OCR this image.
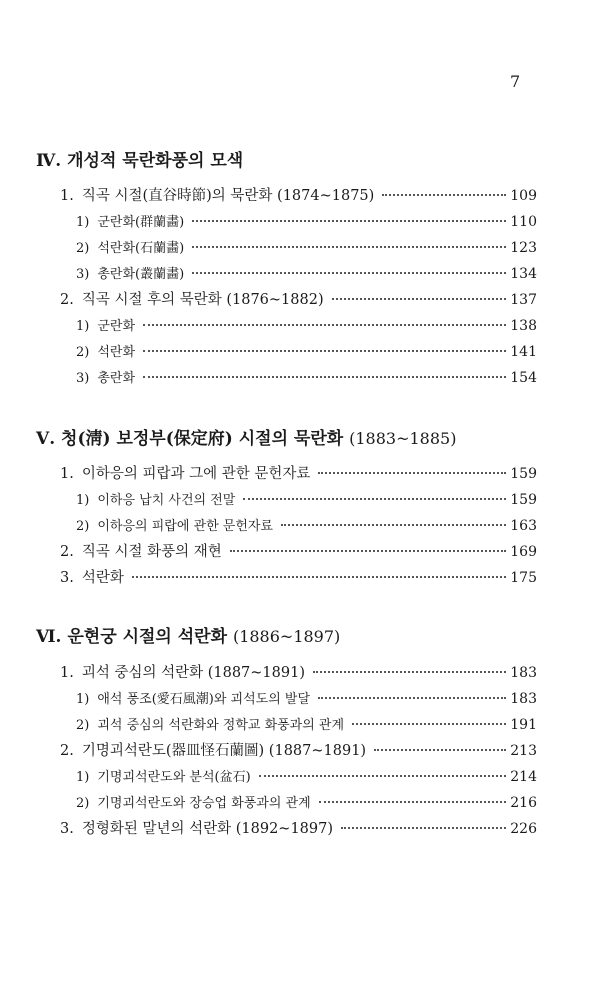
7
Ⅳ. 개성적 묵란화풍의 모색
1. 직곡 시절(直谷時節)의 묵란화 (1874~1875)	109
1) 군란화(群蘭畵)	110
2) 석란화(石蘭畵)	123
3) 총란화(叢蘭畵)	134
2. 직곡 시절 후의 묵란화 (1876~1882)	137
1) 군란화	138
2) 석란화	141
3) 총란화	154
Ⅴ. 청(淸) 보정부(保定府) 시절의 묵란화 (1883~1885)
1. 이하응의 피랍과 그에 관한 문헌자료	159
1) 이하응 납치 사건의 전말	159
2) 이하응의 피랍에 관한 문헌자료	163
2. 직곡 시절 화풍의 재현	169
3. 석란화	175
Ⅵ. 운현궁 시절의 석란화 (1886~1897)
1. 괴석 중심의 석란화 (1887~1891)	183
1) 애석 풍조(愛石風潮)와 괴석도의 발달	183
2) 괴석 중심의 석란화와 정학교 화풍과의 관계	191
2. 기명괴석란도(器皿怪石蘭圖) (1887~1891)	213
1) 기명괴석란도와 분석(盆石)	214
2) 기명괴석란도와 장승업 화풍과의 관계	216
3. 정형화된 말년의 석란화 (1892~1897)	226
